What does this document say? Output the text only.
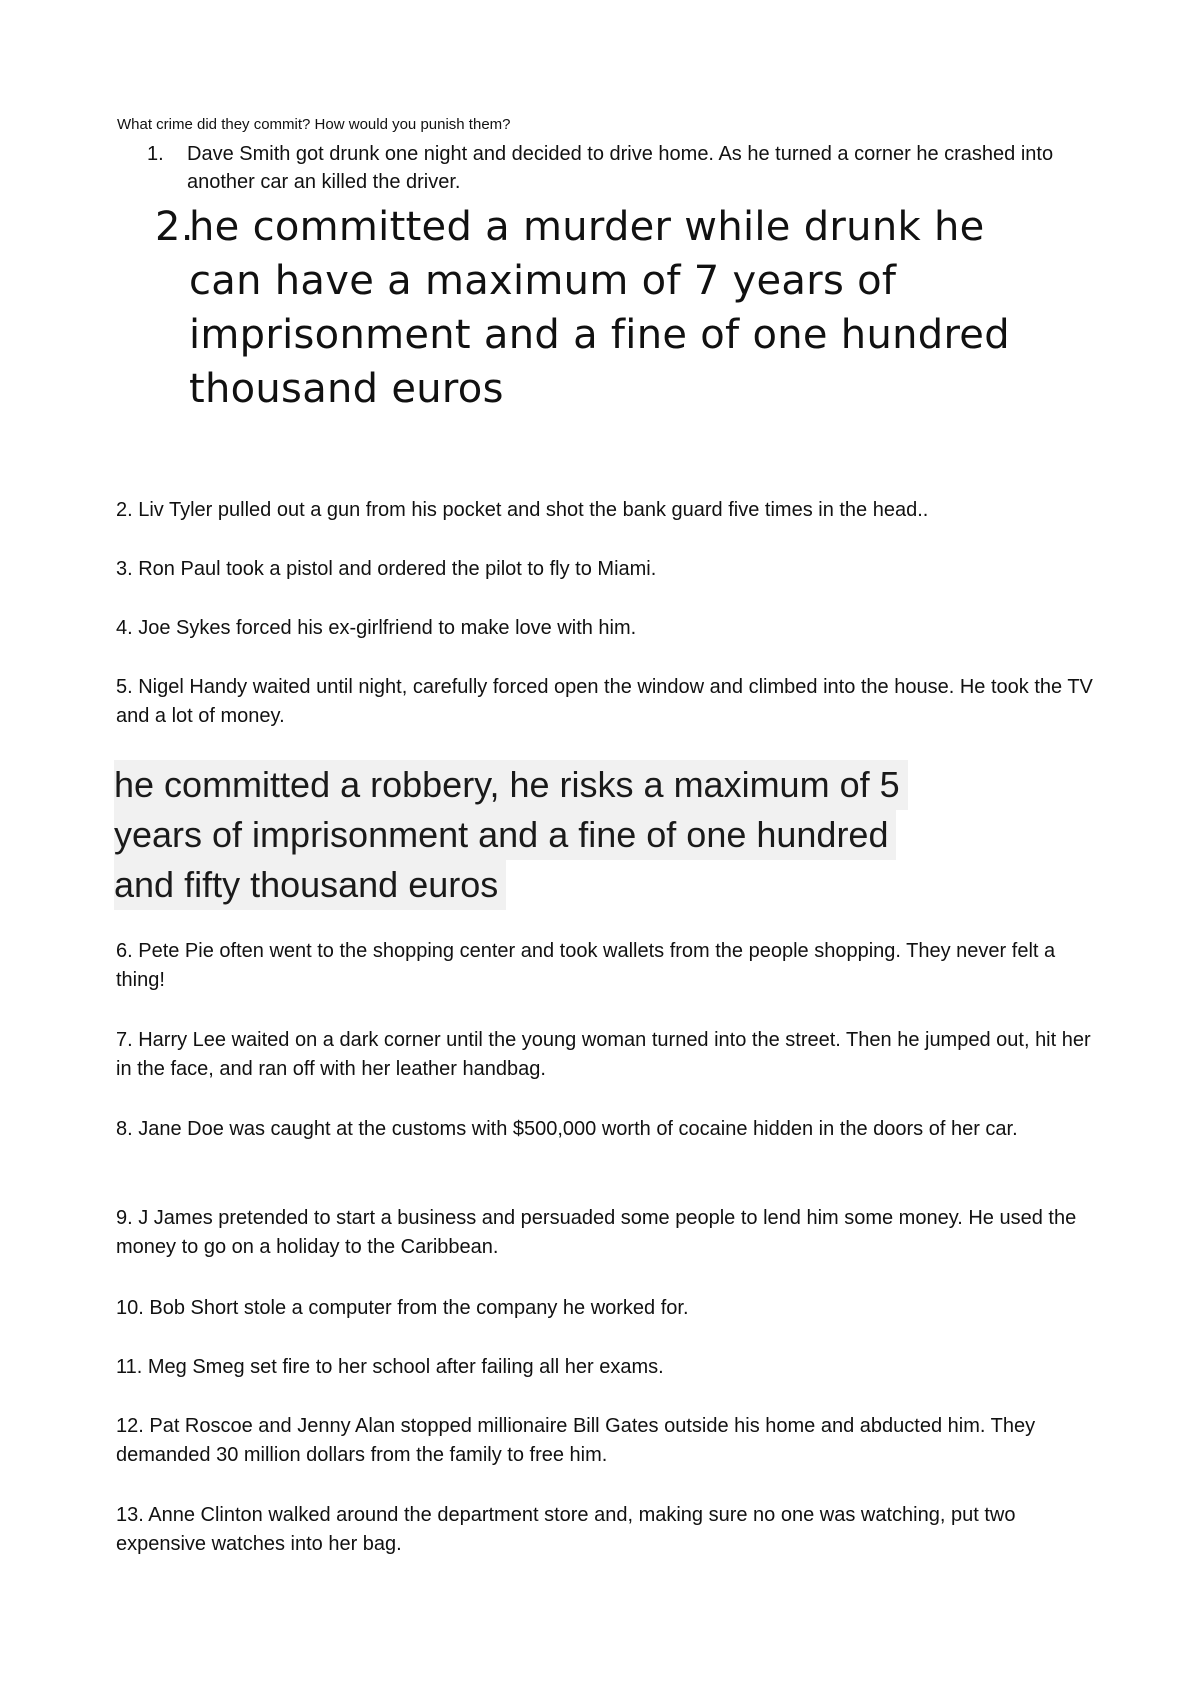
What crime did they commit? How would you punish them?
1. Dave Smith got drunk one night and decided to drive home. As he turned a corner he crashed into another car an killed the driver.
2.
he committed a murder while drunk he can have a maximum of 7 years of imprisonment and a fine of one hundred thousand euros
2. Liv Tyler pulled out a gun from his pocket and shot the bank guard five times in the head..
3. Ron Paul took a pistol and ordered the pilot to fly to Miami.
4. Joe Sykes forced his ex-girlfriend to make love with him.
5. Nigel Handy waited until night, carefully forced open the window and climbed into the house. He took the TV and a lot of money.
he committed a robbery, he risks a maximum of 5
years of imprisonment and a fine of one hundred
and fifty thousand euros
6. Pete Pie often went to the shopping center and took wallets from the people shopping. They never felt a thing!
7. Harry Lee waited on a dark corner until the young woman turned into the street. Then he jumped out, hit her in the face, and ran off with her leather handbag.
8. Jane Doe was caught at the customs with $500,000 worth of cocaine hidden in the doors of her car.
9. J James pretended to start a business and persuaded some people to lend him some money. He used the money to go on a holiday to the Caribbean.
10. Bob Short stole a computer from the company he worked for.
11. Meg Smeg set fire to her school after failing all her exams.
12. Pat Roscoe and Jenny Alan stopped millionaire Bill Gates outside his home and abducted him. They demanded 30 million dollars from the family to free him.
13. Anne Clinton walked around the department store and, making sure no one was watching, put two expensive watches into her bag.
